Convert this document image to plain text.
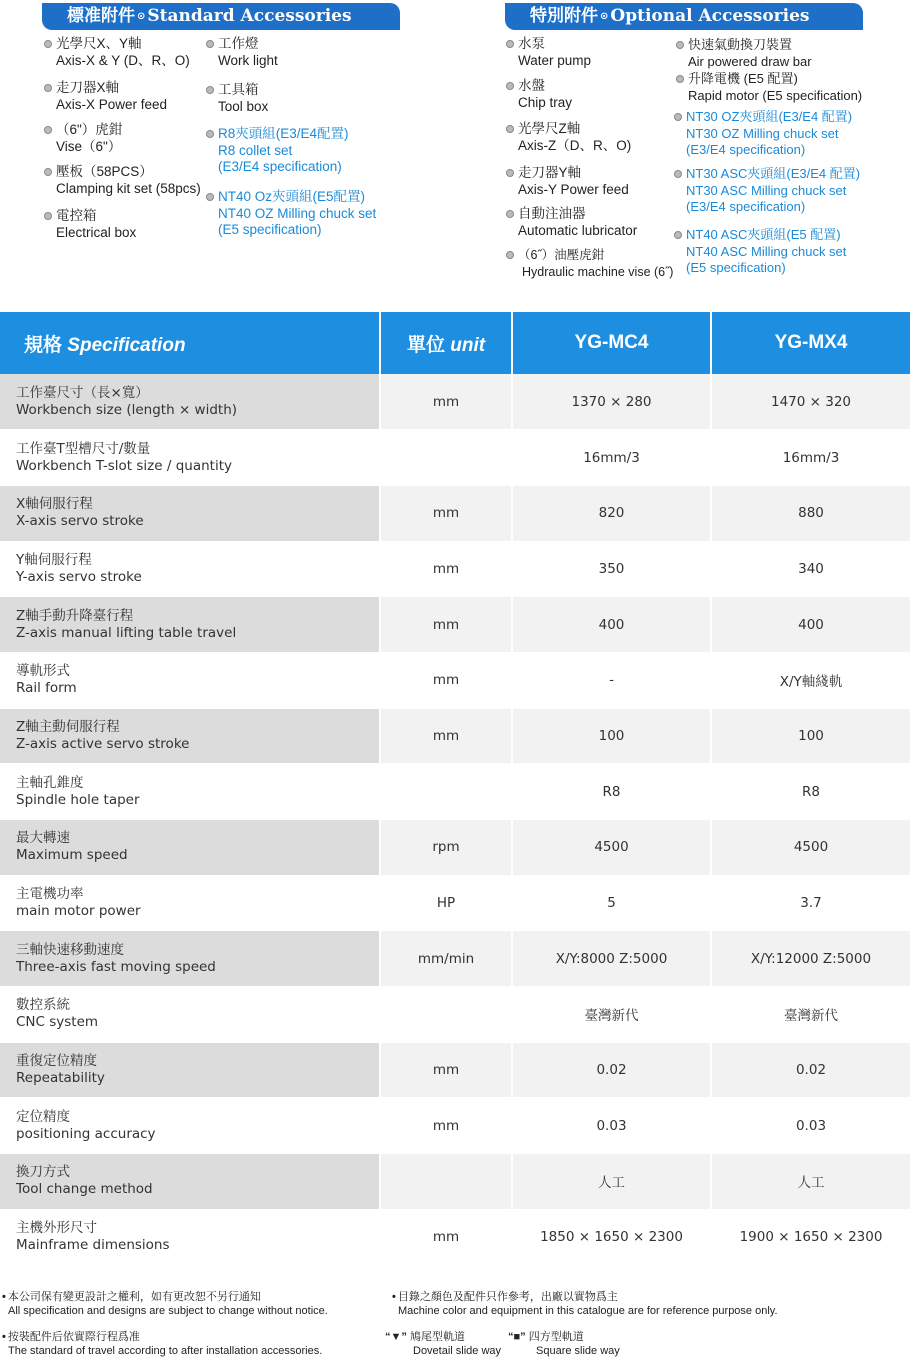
標准附件 ⊙ Standard Accessories
光學尺X、Y軸
Axis-X & Y (D、R、O)
走刀器X軸
Axis-X Power feed
（6"）虎鉗
Vise（6"）
壓板（58PCS）
Clamping kit set (58pcs)
電控箱
Electrical box
工作燈
Work light
工具箱
Tool box
R8夾頭組(E3/E4配置)
R8 collet set
(E3/E4 specification)
NT40 Oz夾頭組(E5配置)
NT40 OZ Milling chuck set
(E5 specification)
特別附件 ⊙ Optional Accessories
水泵
Water pump
水盤
Chip tray
光學尺Z軸
Axis-Z（D、R、O)
走刀器Y軸
Axis-Y Power feed
自動注油器
Automatic lubricator
（6˝）油壓虎鉗
Hydraulic machine vise (6˝)
快速氣動換刀裝置
Air powered draw bar
升降電機 (E5 配置)
Rapid motor (E5 specification)
NT30 OZ夾頭組(E3/E4 配置)
NT30 OZ Milling chuck set
(E3/E4 specification)
NT30 ASC夾頭組(E3/E4 配置)
NT30 ASC Milling chuck set
(E3/E4 specification)
NT40 ASC夾頭組(E5 配置)
NT40 ASC Milling chuck set
(E5 specification)
規格 Specification	單位 unit	YG-MC4	YG-MX4

工作臺尺寸（長×寬）
Workbench size (length × width)	mm	1370 × 280	1470 × 320

工作臺T型槽尺寸/數量
Workbench T-slot size / quantity		16mm/3	16mm/3

X軸伺服行程
X-axis servo stroke	mm	820	880

Y軸伺服行程
Y-axis servo stroke	mm	350	340

Z軸手動升降臺行程
Z-axis manual lifting table travel	mm	400	400

導軌形式
Rail form	mm	-	X/Y軸綫軌

Z軸主動伺服行程
Z-axis active servo stroke	mm	100	100

主軸孔錐度
Spindle hole taper		R8	R8

最大轉速
Maximum speed	rpm	4500	4500

主電機功率
main motor power	HP	5	3.7

三軸快速移動速度
Three-axis fast moving speed	mm/min	X/Y:8000 Z:5000	X/Y:12000 Z:5000

數控系統
CNC system		臺灣新代	臺灣新代

重復定位精度
Repeatability	mm	0.02	0.02

定位精度
positioning accuracy	mm	0.03	0.03

換刀方式
Tool change method		人工	人工

主機外形尺寸
Mainframe dimensions	mm	1850 × 1650 × 2300	1900 × 1650 × 2300
• 本公司保有變更設計之權利，如有更改恕不另行通知
All specification and designs are subject to change without notice.
• 按裝配件后依實際行程爲准
The standard of travel according to after installation accessories.
• 目錄之顏色及配件只作參考，出廠以實物爲主
Machine color and equipment in this catalogue are for reference purpose only.
“▼” 鳩尾型軌道
Dovetail slide way
“■” 四方型軌道
Square slide way
